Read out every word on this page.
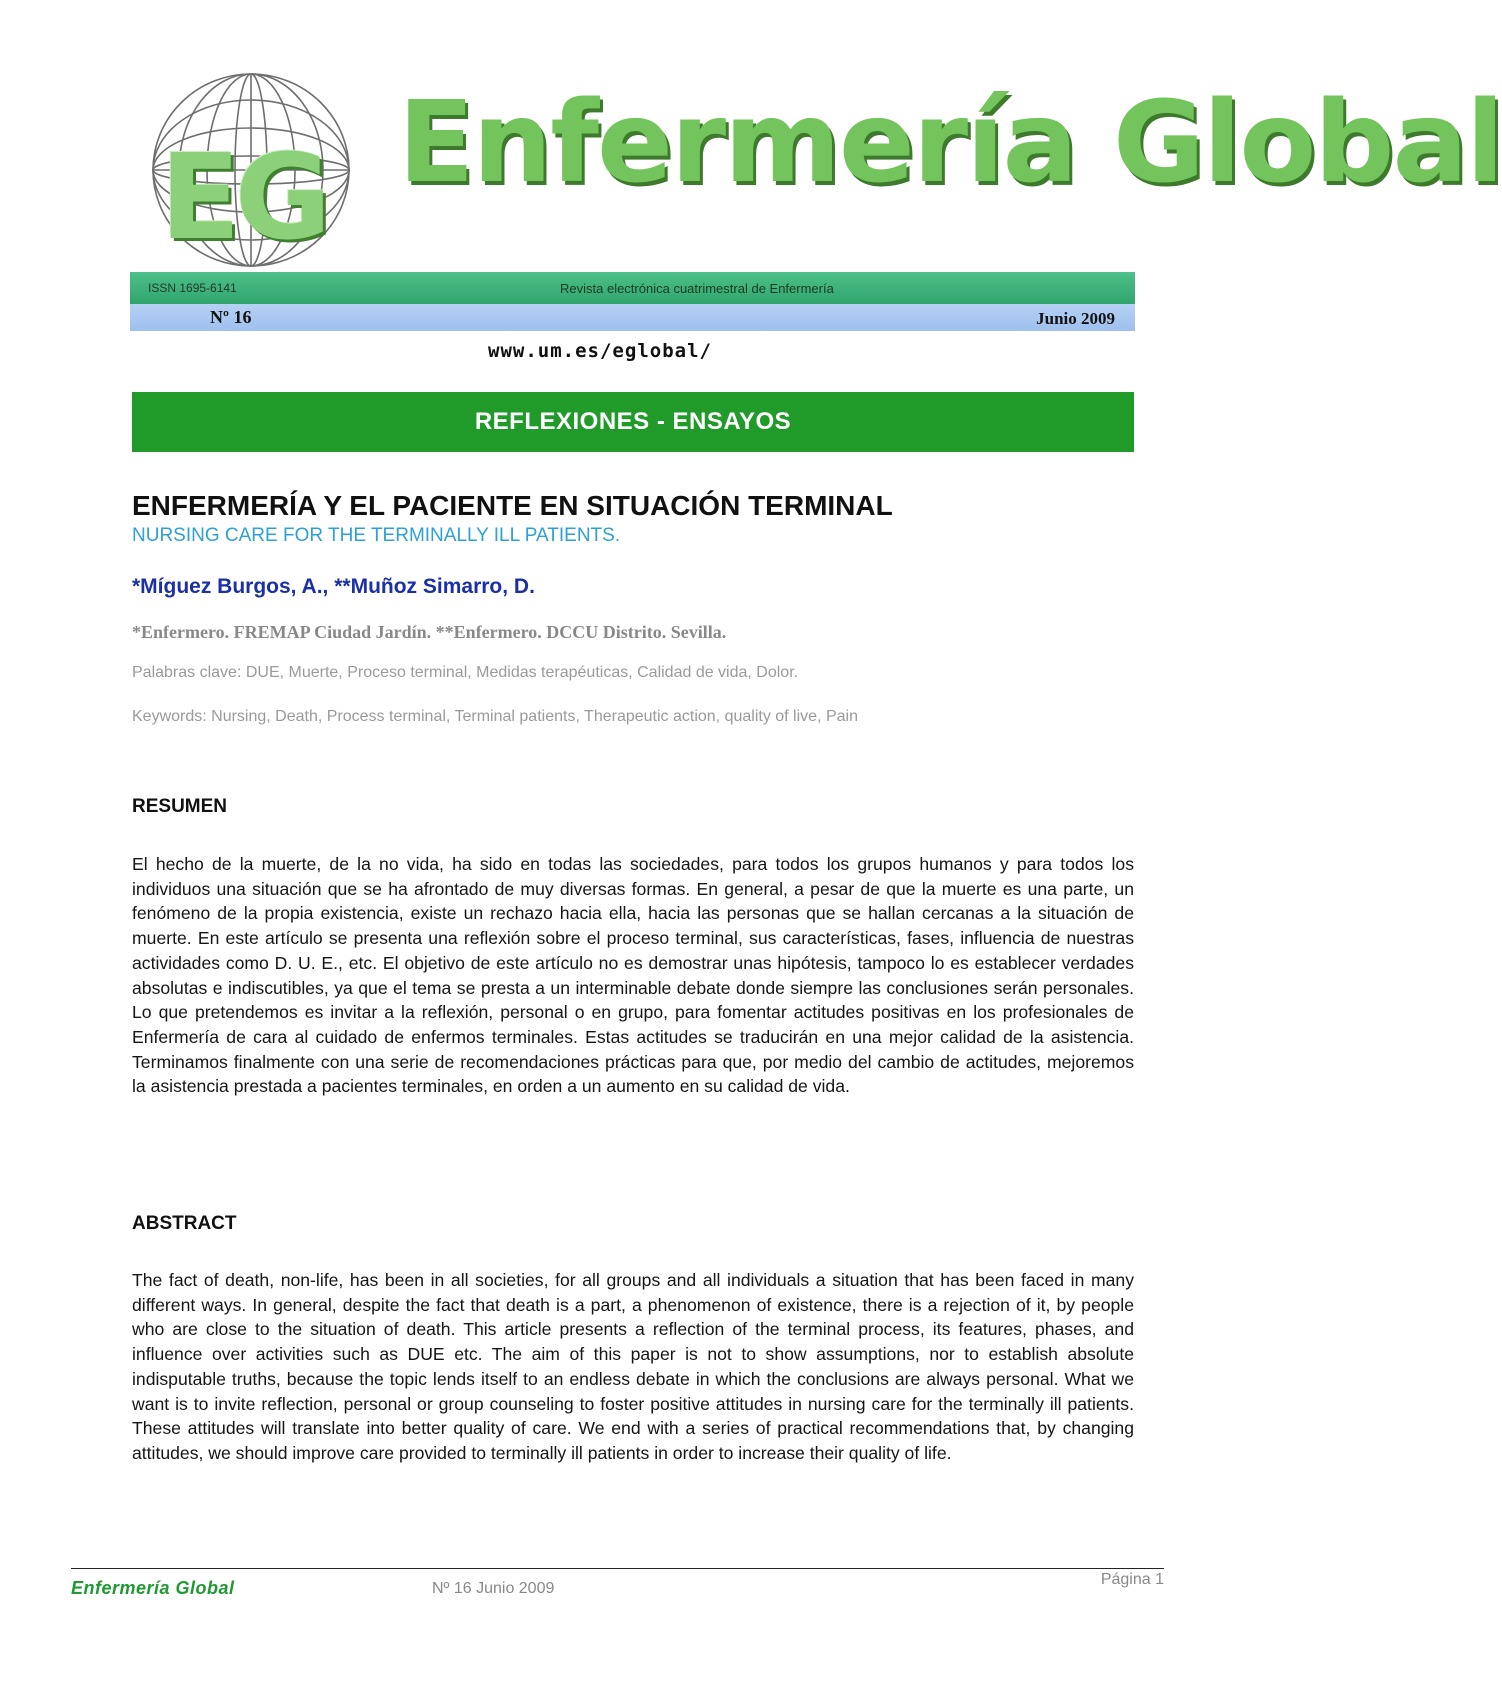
EG Enfermería Global
ISSN 1695-6141	Revista electrónica cuatrimestral de Enfermería
Nº 16	Junio 2009
www.um.es/eglobal/
REFLEXIONES - ENSAYOS
ENFERMERÍA Y EL PACIENTE EN SITUACIÓN TERMINAL
NURSING CARE FOR THE TERMINALLY ILL PATIENTS.
*Míguez Burgos, A., **Muñoz Simarro, D.
*Enfermero. FREMAP Ciudad Jardín. **Enfermero. DCCU Distrito. Sevilla.
Palabras clave: DUE, Muerte, Proceso terminal, Medidas terapéuticas, Calidad de vida, Dolor.
Keywords: Nursing, Death, Process terminal, Terminal patients, Therapeutic action, quality of live, Pain
RESUMEN

El hecho de la muerte, de la no vida, ha sido en todas las sociedades, para todos los grupos humanos y para todos los individuos una situación que se ha afrontado de muy diversas formas. En general, a pesar de que la muerte es una parte, un fenómeno de la propia existencia, existe un rechazo hacia ella, hacia las personas que se hallan cercanas a la situación de muerte. En este artículo se presenta una reflexión sobre el proceso terminal, sus características, fases, influencia de nuestras actividades como D. U. E., etc. El objetivo de este artículo no es demostrar unas hipótesis, tampoco lo es establecer verdades absolutas e indiscutibles, ya que el tema se presta a un interminable debate donde siempre las conclusiones serán personales. Lo que pretendemos es invitar a la reflexión, personal o en grupo, para fomentar actitudes positivas en los profesionales de Enfermería de cara al cuidado de enfermos terminales. Estas actitudes se traducirán en una mejor calidad de la asistencia. Terminamos finalmente con una serie de recomendaciones prácticas para que, por medio del cambio de actitudes, mejoremos la asistencia prestada a pacientes terminales, en orden a un aumento en su calidad de vida.

ABSTRACT

The fact of death, non-life, has been in all societies, for all groups and all individuals a situation that has been faced in many different ways. In general, despite the fact that death is a part, a phenomenon of existence, there is a rejection of it, by people who are close to the situation of death. This article presents a reflection of the terminal process, its features, phases, and influence over activities such as DUE etc. The aim of this paper is not to show assumptions, nor to establish absolute indisputable truths, because the topic lends itself to an endless debate in which the conclusions are always personal. What we want is to invite reflection, personal or group counseling to foster positive attitudes in nursing care for the terminally ill patients. These attitudes will translate into better quality of care. We end with a series of practical recommendations that, by changing attitudes, we should improve care provided to terminally ill patients in order to increase their quality of life.

Enfermería Global	Nº 16 Junio 2009
Página 1
